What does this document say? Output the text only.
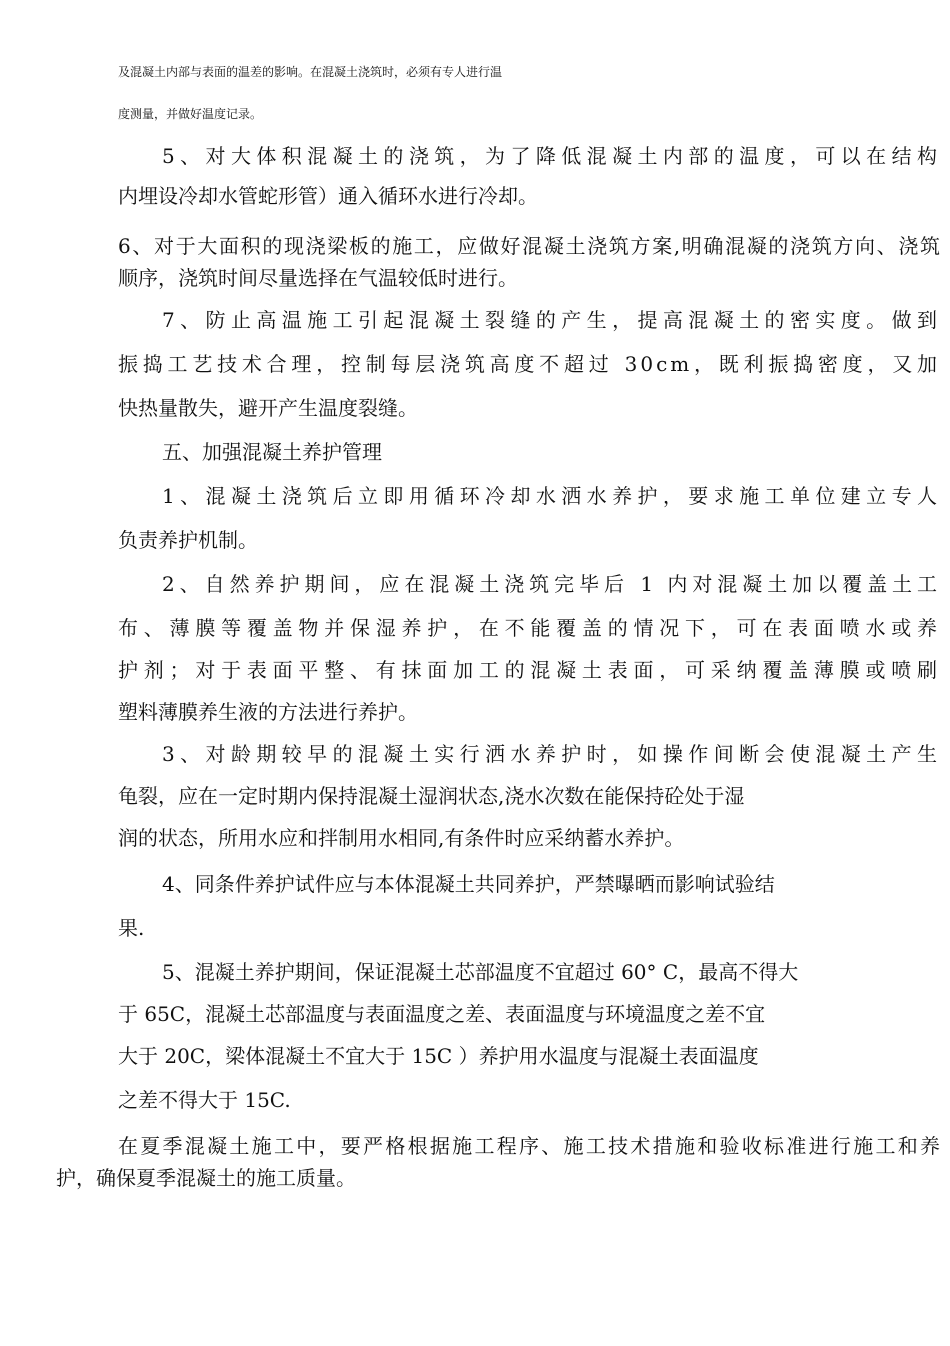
及混凝土内部与表面的温差的影响。在混凝土浇筑时，必须有专人进行温
度测量，并做好温度记录。
5、对大体积混凝土的浇筑，为了降低混凝土内部的温度，可以在结构
内埋设冷却水管蛇形管）通入循环水进行冷却。
6、对于大面积的现浇梁板的施工，应做好混凝土浇筑方案,明确混凝的浇筑方向、浇筑
顺序，浇筑时间尽量选择在气温较低时进行。
7、防止高温施工引起混凝土裂缝的产生，提高混凝土的密实度。做到
振捣工艺技术合理，控制每层浇筑高度不超过 30cm，既利振捣密度，又加
快热量散失，避开产生温度裂缝。
五、加强混凝土养护管理
1、混凝土浇筑后立即用循环冷却水洒水养护，要求施工单位建立专人
负责养护机制。
2、自然养护期间，应在混凝土浇筑完毕后 1 内对混凝土加以覆盖土工
布、薄膜等覆盖物并保湿养护，在不能覆盖的情况下，可在表面喷水或养
护剂；对于表面平整、有抹面加工的混凝土表面，可采纳覆盖薄膜或喷刷
塑料薄膜养生液的方法进行养护。
3、对龄期较早的混凝土实行洒水养护时，如操作间断会使混凝土产生
龟裂，应在一定时期内保持混凝土湿润状态,浇水次数在能保持砼处于湿
润的状态，所用水应和拌制用水相同,有条件时应采纳蓄水养护。
4、同条件养护试件应与本体混凝土共同养护，严禁曝晒而影响试验结
果.
5、混凝土养护期间，保证混凝土芯部温度不宜超过 60° C，最高不得大
于 65C，混凝土芯部温度与表面温度之差、表面温度与环境温度之差不宜
大于 20C，梁体混凝土不宜大于 15C ）养护用水温度与混凝土表面温度
之差不得大于 15C.
在夏季混凝土施工中，要严格根据施工程序、施工技术措施和验收标准进行施工和养
护，确保夏季混凝土的施工质量。
